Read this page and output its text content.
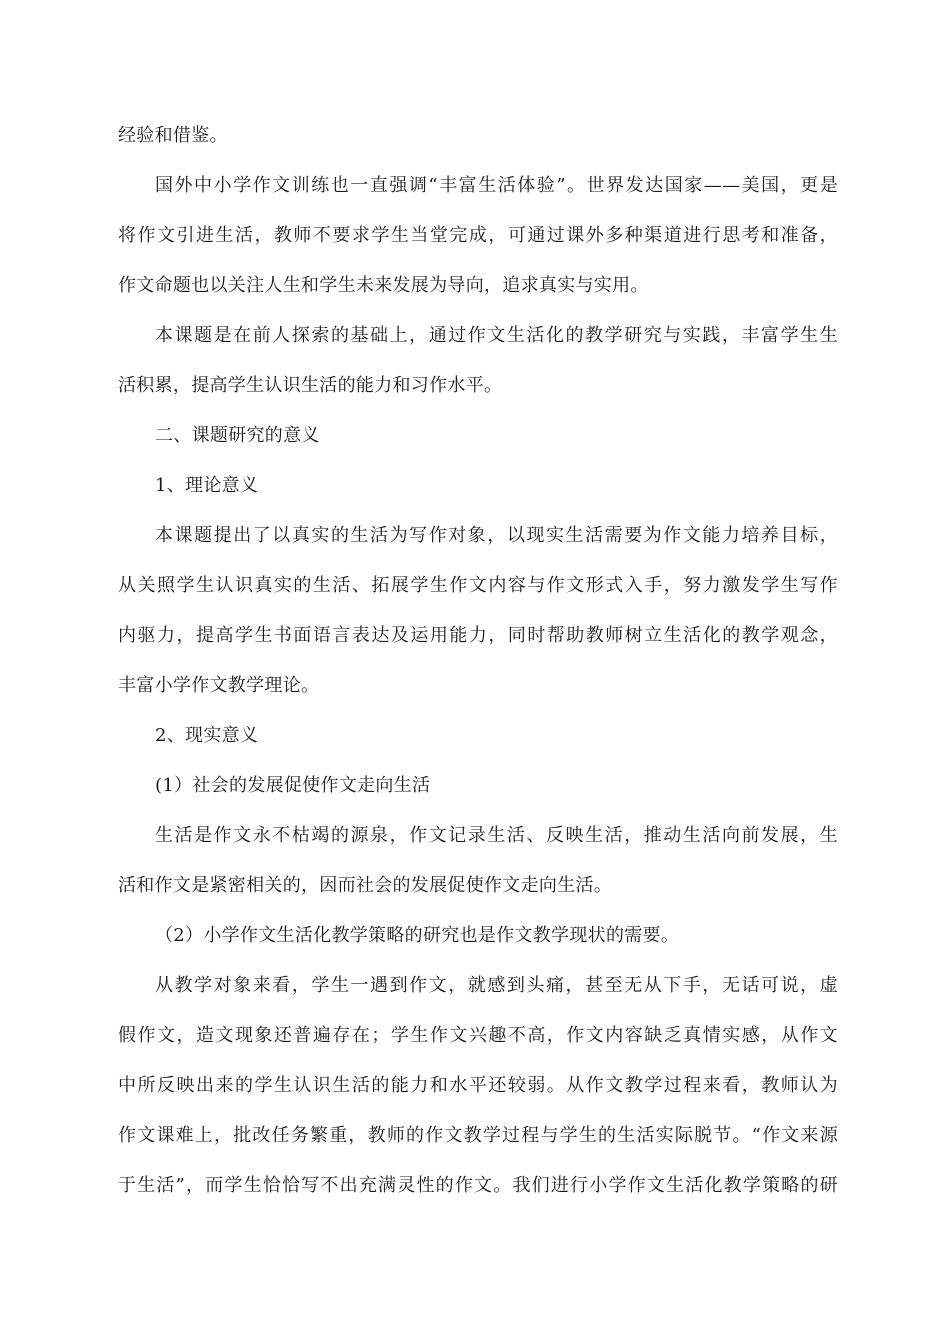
经验和借鉴。
国外中小学作文训练也一直强调“丰富生活体验”。世界发达国家——美国，更是
将作文引进生活，教师不要求学生当堂完成，可通过课外多种渠道进行思考和准备，
作文命题也以关注人生和学生未来发展为导向，追求真实与实用。
本课题是在前人探索的基础上，通过作文生活化的教学研究与实践，丰富学生生
活积累，提高学生认识生活的能力和习作水平。
二、课题研究的意义
1、理论意义
本课题提出了以真实的生活为写作对象，以现实生活需要为作文能力培养目标，
从关照学生认识真实的生活、拓展学生作文内容与作文形式入手，努力激发学生写作
内驱力，提高学生书面语言表达及运用能力，同时帮助教师树立生活化的教学观念，
丰富小学作文教学理论。
2、现实意义
(1）社会的发展促使作文走向生活
生活是作文永不枯竭的源泉，作文记录生活、反映生活，推动生活向前发展，生
活和作文是紧密相关的，因而社会的发展促使作文走向生活。
（2）小学作文生活化教学策略的研究也是作文教学现状的需要。
从教学对象来看，学生一遇到作文，就感到头痛，甚至无从下手，无话可说，虚
假作文，造文现象还普遍存在；学生作文兴趣不高，作文内容缺乏真情实感，从作文
中所反映出来的学生认识生活的能力和水平还较弱。从作文教学过程来看，教师认为
作文课难上，批改任务繁重，教师的作文教学过程与学生的生活实际脱节。“作文来源
于生活”，而学生恰恰写不出充满灵性的作文。我们进行小学作文生活化教学策略的研
